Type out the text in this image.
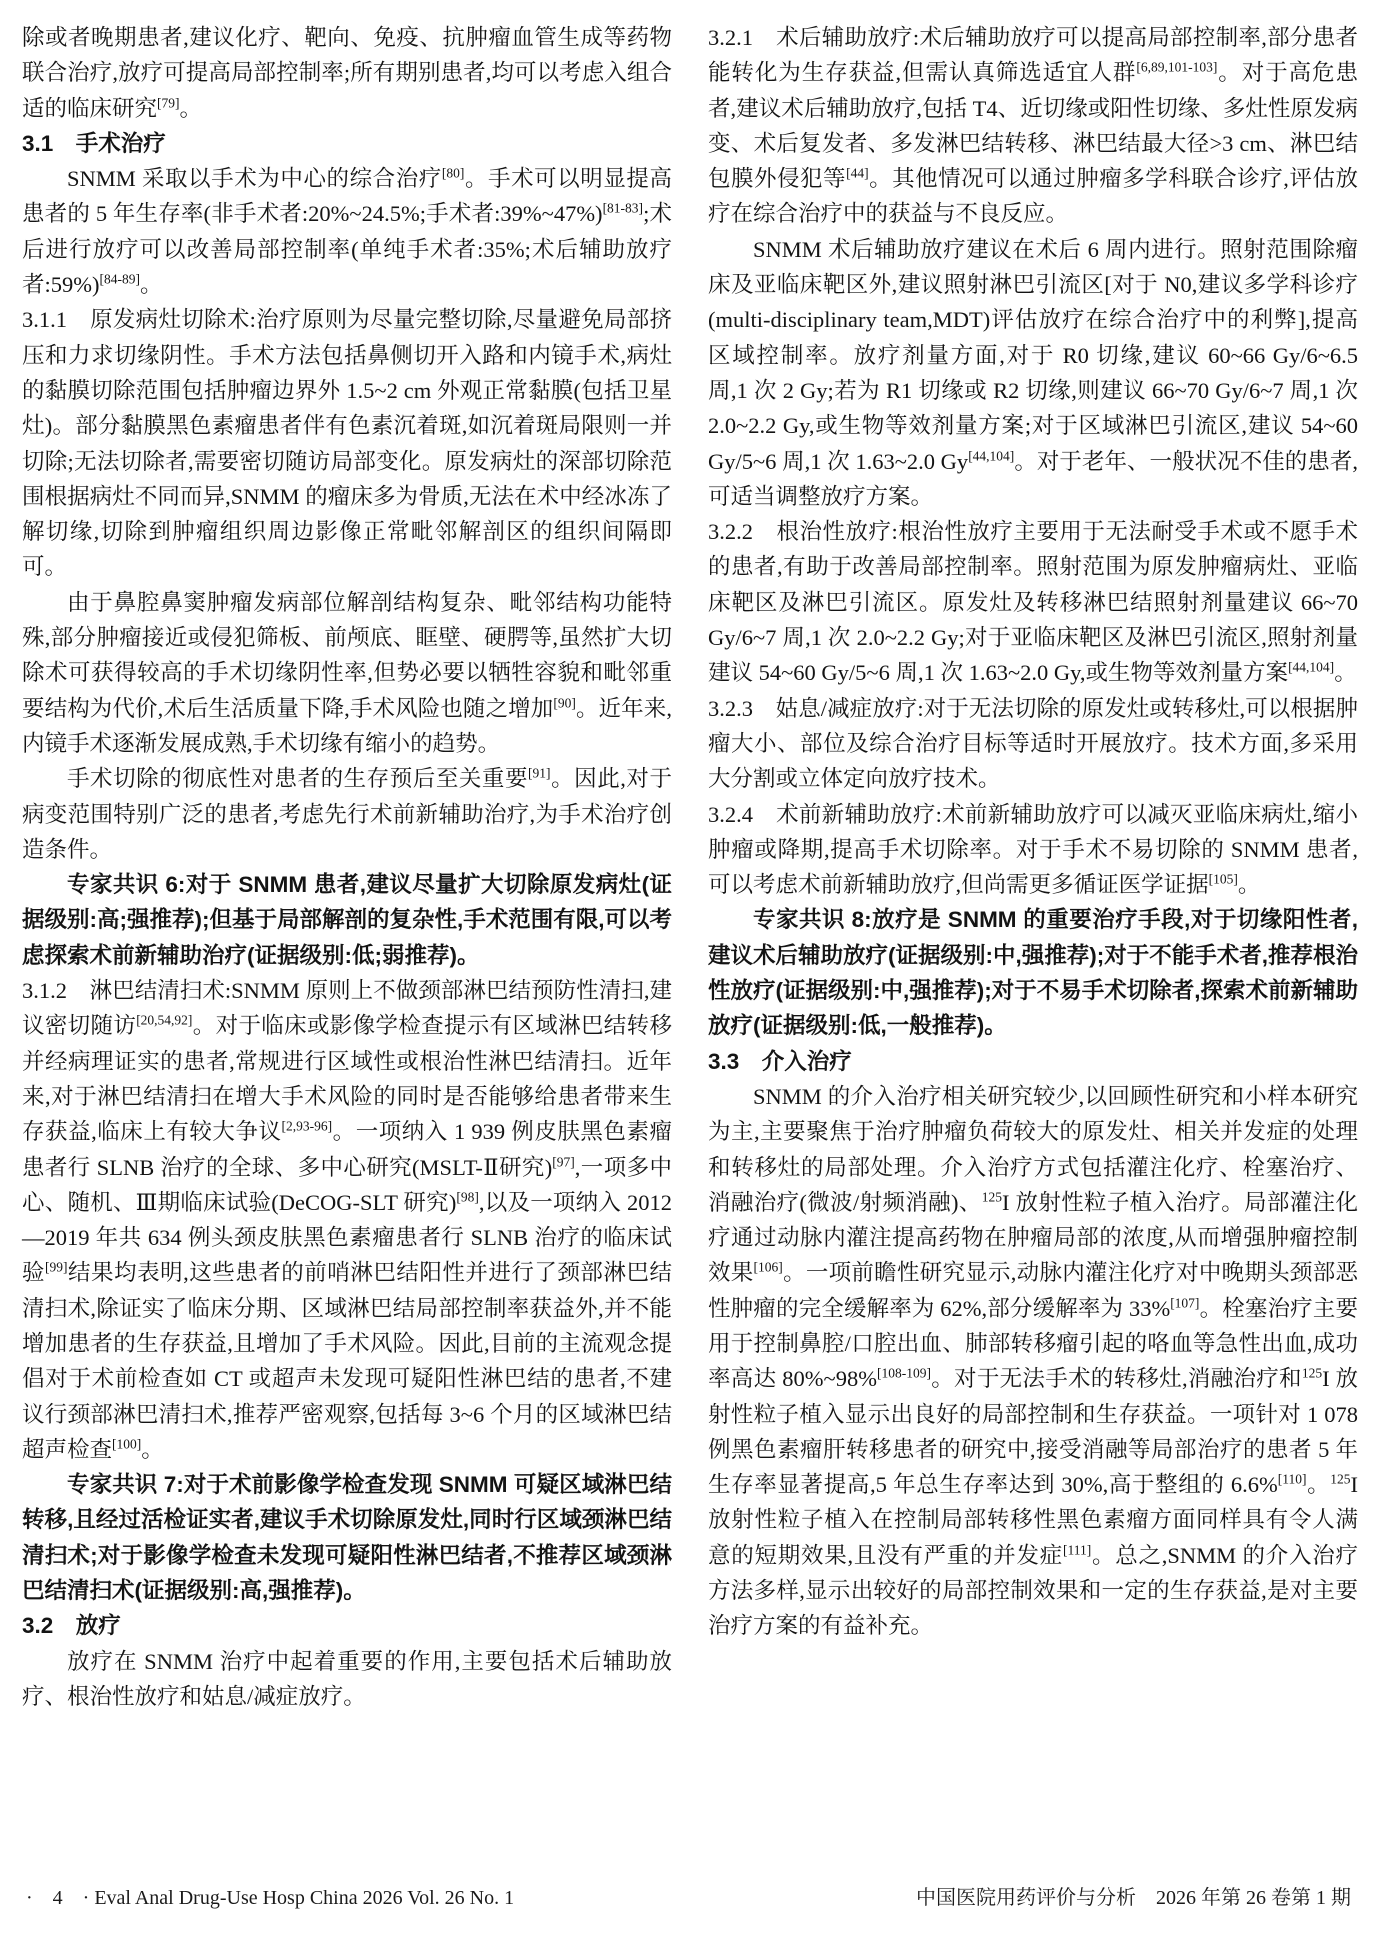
除或者晚期患者,建议化疗、靶向、免疫、抗肿瘤血管生成等药物联合治疗,放疗可提高局部控制率;所有期别患者,均可以考虑入组合适的临床研究[79]。

3.1　手术治疗

SNMM 采取以手术为中心的综合治疗[80]。手术可以明显提高患者的 5 年生存率(非手术者:20%~24.5%;手术者:39%~47%)[81-83];术后进行放疗可以改善局部控制率(单纯手术者:35%;术后辅助放疗者:59%)[84-89]。

3.1.1　原发病灶切除术:治疗原则为尽量完整切除,尽量避免局部挤压和力求切缘阴性。手术方法包括鼻侧切开入路和内镜手术,病灶的黏膜切除范围包括肿瘤边界外 1.5~2 cm 外观正常黏膜(包括卫星灶)。部分黏膜黑色素瘤患者伴有色素沉着斑,如沉着斑局限则一并切除;无法切除者,需要密切随访局部变化。原发病灶的深部切除范围根据病灶不同而异,SNMM 的瘤床多为骨质,无法在术中经冰冻了解切缘,切除到肿瘤组织周边影像正常毗邻解剖区的组织间隔即可。

由于鼻腔鼻窦肿瘤发病部位解剖结构复杂、毗邻结构功能特殊,部分肿瘤接近或侵犯筛板、前颅底、眶壁、硬腭等,虽然扩大切除术可获得较高的手术切缘阴性率,但势必要以牺牲容貌和毗邻重要结构为代价,术后生活质量下降,手术风险也随之增加[90]。近年来,内镜手术逐渐发展成熟,手术切缘有缩小的趋势。

手术切除的彻底性对患者的生存预后至关重要[91]。因此,对于病变范围特别广泛的患者,考虑先行术前新辅助治疗,为手术治疗创造条件。

专家共识 6:对于 SNMM 患者,建议尽量扩大切除原发病灶(证据级别:高;强推荐);但基于局部解剖的复杂性,手术范围有限,可以考虑探索术前新辅助治疗(证据级别:低;弱推荐)。

3.1.2　淋巴结清扫术:SNMM 原则上不做颈部淋巴结预防性清扫,建议密切随访[20,54,92]。对于临床或影像学检查提示有区域淋巴结转移并经病理证实的患者,常规进行区域性或根治性淋巴结清扫。近年来,对于淋巴结清扫在增大手术风险的同时是否能够给患者带来生存获益,临床上有较大争议[2,93-96]。一项纳入 1 939 例皮肤黑色素瘤患者行 SLNB 治疗的全球、多中心研究(MSLT-Ⅱ研究)[97],一项多中心、随机、Ⅲ期临床试验(DeCOG-SLT 研究)[98],以及一项纳入 2012—2019 年共 634 例头颈皮肤黑色素瘤患者行 SLNB 治疗的临床试验[99]结果均表明,这些患者的前哨淋巴结阳性并进行了颈部淋巴结清扫术,除证实了临床分期、区域淋巴结局部控制率获益外,并不能增加患者的生存获益,且增加了手术风险。因此,目前的主流观念提倡对于术前检查如 CT 或超声未发现可疑阳性淋巴结的患者,不建议行颈部淋巴清扫术,推荐严密观察,包括每 3~6 个月的区域淋巴结超声检查[100]。

专家共识 7:对于术前影像学检查发现 SNMM 可疑区域淋巴结转移,且经过活检证实者,建议手术切除原发灶,同时行区域颈淋巴结清扫术;对于影像学检查未发现可疑阳性淋巴结者,不推荐区域颈淋巴结清扫术(证据级别:高,强推荐)。

3.2　放疗

放疗在 SNMM 治疗中起着重要的作用,主要包括术后辅助放疗、根治性放疗和姑息/减症放疗。

3.2.1　术后辅助放疗:术后辅助放疗可以提高局部控制率,部分患者能转化为生存获益,但需认真筛选适宜人群[6,89,101-103]。对于高危患者,建议术后辅助放疗,包括 T4、近切缘或阳性切缘、多灶性原发病变、术后复发者、多发淋巴结转移、淋巴结最大径>3 cm、淋巴结包膜外侵犯等[44]。其他情况可以通过肿瘤多学科联合诊疗,评估放疗在综合治疗中的获益与不良反应。

SNMM 术后辅助放疗建议在术后 6 周内进行。照射范围除瘤床及亚临床靶区外,建议照射淋巴引流区[对于 N0,建议多学科诊疗(multi-disciplinary team,MDT)评估放疗在综合治疗中的利弊],提高区域控制率。放疗剂量方面,对于 R0 切缘,建议 60~66 Gy/6~6.5 周,1 次 2 Gy;若为 R1 切缘或 R2 切缘,则建议 66~70 Gy/6~7 周,1 次 2.0~2.2 Gy,或生物等效剂量方案;对于区域淋巴引流区,建议 54~60 Gy/5~6 周,1 次 1.63~2.0 Gy[44,104]。对于老年、一般状况不佳的患者,可适当调整放疗方案。

3.2.2　根治性放疗:根治性放疗主要用于无法耐受手术或不愿手术的患者,有助于改善局部控制率。照射范围为原发肿瘤病灶、亚临床靶区及淋巴引流区。原发灶及转移淋巴结照射剂量建议 66~70 Gy/6~7 周,1 次 2.0~2.2 Gy;对于亚临床靶区及淋巴引流区,照射剂量建议 54~60 Gy/5~6 周,1 次 1.63~2.0 Gy,或生物等效剂量方案[44,104]。

3.2.3　姑息/减症放疗:对于无法切除的原发灶或转移灶,可以根据肿瘤大小、部位及综合治疗目标等适时开展放疗。技术方面,多采用大分割或立体定向放疗技术。

3.2.4　术前新辅助放疗:术前新辅助放疗可以减灭亚临床病灶,缩小肿瘤或降期,提高手术切除率。对于手术不易切除的 SNMM 患者,可以考虑术前新辅助放疗,但尚需更多循证医学证据[105]。

专家共识 8:放疗是 SNMM 的重要治疗手段,对于切缘阳性者,建议术后辅助放疗(证据级别:中,强推荐);对于不能手术者,推荐根治性放疗(证据级别:中,强推荐);对于不易手术切除者,探索术前新辅助放疗(证据级别:低,一般推荐)。

3.3　介入治疗

SNMM 的介入治疗相关研究较少,以回顾性研究和小样本研究为主,主要聚焦于治疗肿瘤负荷较大的原发灶、相关并发症的处理和转移灶的局部处理。介入治疗方式包括灌注化疗、栓塞治疗、消融治疗(微波/射频消融)、$^{125}$I 放射性粒子植入治疗。局部灌注化疗通过动脉内灌注提高药物在肿瘤局部的浓度,从而增强肿瘤控制效果[106]。一项前瞻性研究显示,动脉内灌注化疗对中晚期头颈部恶性肿瘤的完全缓解率为 62%,部分缓解率为 33%[107]。栓塞治疗主要用于控制鼻腔/口腔出血、肺部转移瘤引起的咯血等急性出血,成功率高达 80%~98%[108-109]。对于无法手术的转移灶,消融治疗和$^{125}$I 放射性粒子植入显示出良好的局部控制和生存获益。一项针对 1 078 例黑色素瘤肝转移患者的研究中,接受消融等局部治疗的患者 5 年生存率显著提高,5 年总生存率达到 30%,高于整组的 6.6%[110]。$^{125}$I 放射性粒子植入在控制局部转移性黑色素瘤方面同样具有令人满意的短期效果,且没有严重的并发症[111]。总之,SNMM 的介入治疗方法多样,显示出较好的局部控制效果和一定的生存获益,是对主要治疗方案的有益补充。

·　4　· Eval Anal Drug-Use Hosp China 2026 Vol. 26 No. 1	中国医院用药评价与分析　2026 年第 26 卷第 1 期
